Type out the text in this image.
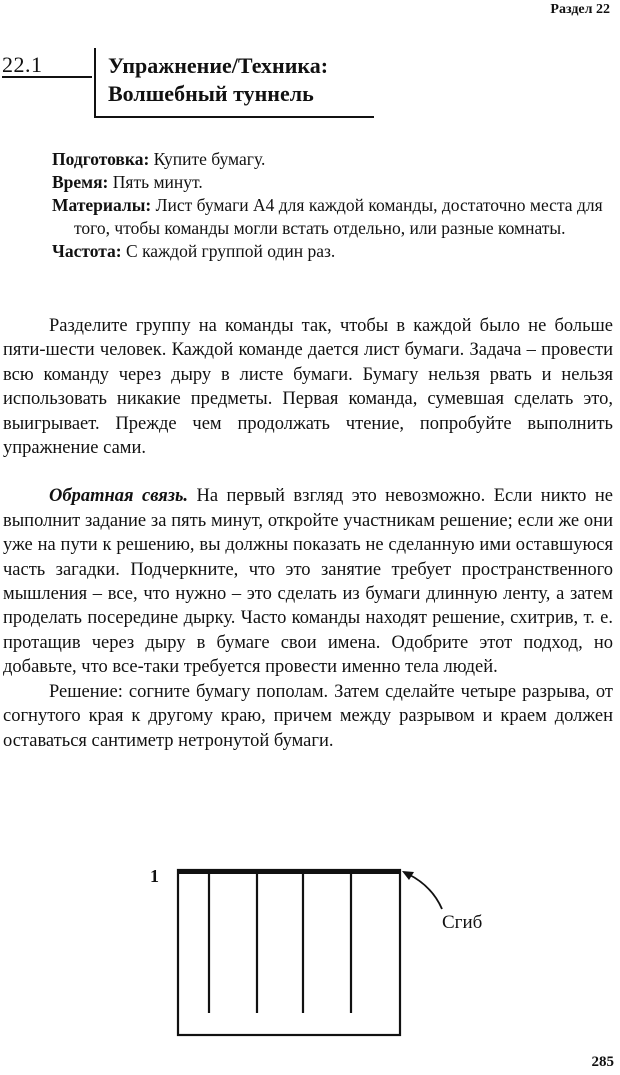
Раздел 22
22.1	Упражнение/Техника:
Волшебный туннель

Подготовка: Купите бумагу.

Время: Пять минут.

Материалы: Лист бумаги А4 для каждой команды, достаточно места для того, чтобы команды могли встать отдельно, или разные комнаты.

Частота: С каждой группой один раз.

Разделите группу на команды так, чтобы в каждой было не больше пяти-шести человек. Каждой команде дается лист бумаги. Задача – провести всю команду через дыру в листе бумаги. Бумагу нельзя рвать и нельзя использовать никакие предметы. Первая команда, сумевшая сделать это, выигрывает. Прежде чем продолжать чтение, попробуйте выполнить упражнение сами.

Обратная связь. На первый взгляд это невозможно. Если никто не выполнит задание за пять минут, откройте участникам решение; если же они уже на пути к решению, вы должны показать не сделанную ими оставшуюся часть загадки. Подчеркните, что это занятие требует пространственного мышления – все, что нужно – это сделать из бумаги длинную ленту, а затем проделать посередине дырку. Часто команды находят решение, схитрив, т. е. протащив через дыру в бумаге свои имена. Одобрите этот подход, но добавьте, что все-таки требуется провести именно тела людей.

Решение: согните бумагу пополам. Затем сделайте четыре разрыва, от согнутого края к другому краю, причем между разрывом и краем должен оставаться сантиметр нетронутой бумаги.

1
Сгиб
285
